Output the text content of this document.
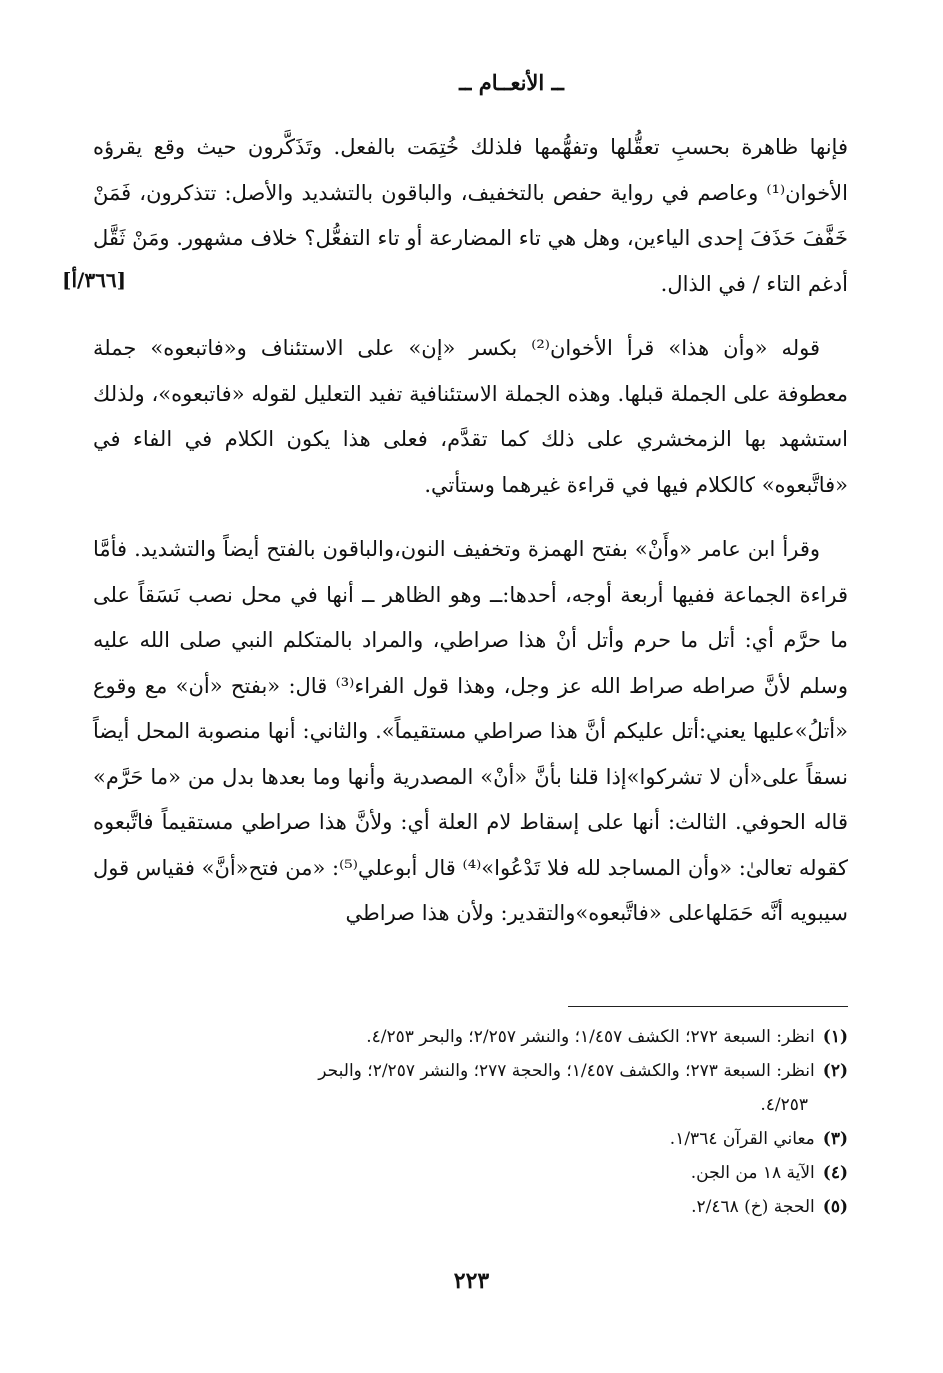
ــ الأنعــام ــ

فإنها ظاهرة بحسبِ تعقُّلها وتفهُّمها فلذلك خُتِمَت بالفعل. وتَذَكَّرون حيث وقع يقرؤه الأخوان⁽¹⁾ وعاصم في رواية حفص بالتخفيف، والباقون بالتشديد والأصل: تتذكرون، فَمَنْ خَفَّفَ حَذَفَ إحدى الياءين، وهل هي تاء المضارعة أو تاء التفعُّل؟ خلاف مشهور. ومَنْ ثَقَّل أدغم التاء / في الذال.

[٣٦٦/أ]

قوله «وأن هذا» قرأ الأخوان⁽²⁾ بكسر «إن» على الاستئناف و«فاتبعوه» جملة معطوفة على الجملة قبلها. وهذه الجملة الاستئنافية تفيد التعليل لقوله «فاتبعوه»، ولذلك استشهد بها الزمخشري على ذلك كما تقدَّم، فعلى هذا يكون الكلام في الفاء في «فاتَّبعوه» كالكلام فيها في قراءة غيرهما وستأتي.

وقرأ ابن عامر «وأَنْ» بفتح الهمزة وتخفيف النون،والباقون بالفتح أيضاً والتشديد. فأمَّا قراءة الجماعة ففيها أربعة أوجه، أحدها:ــ وهو الظاهر ــ أنها في محل نصب نَسَقاً على ما حرَّم أي: أتل ما حرم وأتل أنْ هذا صراطي، والمراد بالمتكلم النبي صلى الله عليه وسلم لأنَّ صراطه صراط الله عز وجل، وهذا قول الفراء⁽³⁾ قال: «بفتح «أن» مع وقوع «أتلُ»عليها يعني:أتل عليكم أنَّ هذا صراطي مستقيماً». والثاني: أنها منصوبة المحل أيضاً نسقاً على«أن لا تشركوا»إذا قلنا بأنَّ «أنْ» المصدرية وأنها وما بعدها بدل من «ما حَرَّم» قاله الحوفي. الثالث: أنها على إسقاط لام العلة أي: ولأنَّ هذا صراطي مستقيماً فاتَّبعوه كقوله تعالىٰ: «وأن المساجد لله فلا تَدْعُوا»⁽⁴⁾ قال أبوعلي⁽⁵⁾: «من فتح«أنَّ» فقياس قول سيبويه أنَّه حَمَلهاعلى «فاتَّبعوه»والتقدير: ولأن هذا صراطي

(١)
انظر: السبعة ٢٧٢؛ الكشف ١/٤٥٧؛ والنشر ٢/٢٥٧؛ والبحر ٤/٢٥٣.
(٢)
انظر: السبعة ٢٧٣؛ والكشف ١/٤٥٧؛ والحجة ٢٧٧؛ والنشر ٢/٢٥٧؛ والبحر
٤/٢٥٣.
(٣)
معاني القرآن ١/٣٦٤.
(٤)
الآية ١٨ من الجن.
(٥)
الحجة (خ) ٢/٤٦٨.
٢٢٣
